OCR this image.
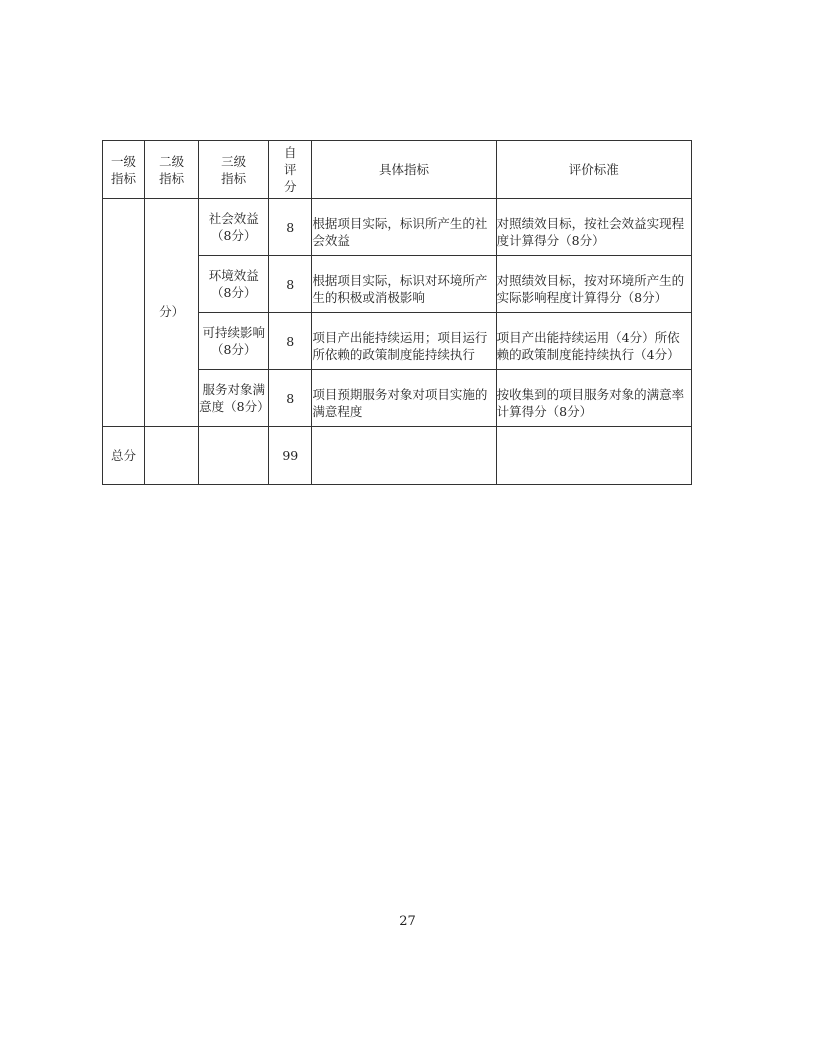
一级指标	二级指标	三级指标	自评分	具体指标	评价标准

	分）	社会效益（8分）	8	根据项目实际，标识所产生的社会效益	对照绩效目标，按社会效益实现程度计算得分（8分）

		环境效益（8分）	8	根据项目实际，标识对环境所产生的积极或消极影响	对照绩效目标，按对环境所产生的实际影响程度计算得分（8分）

		可持续影响（8分）	8	项目产出能持续运用；项目运行所依赖的政策制度能持续执行	项目产出能持续运用（4分）所依赖的政策制度能持续执行（4分）

		服务对象满意度（8分）	8	项目预期服务对象对项目实施的满意程度	按收集到的项目服务对象的满意率计算得分（8分）

总分			99		
27
